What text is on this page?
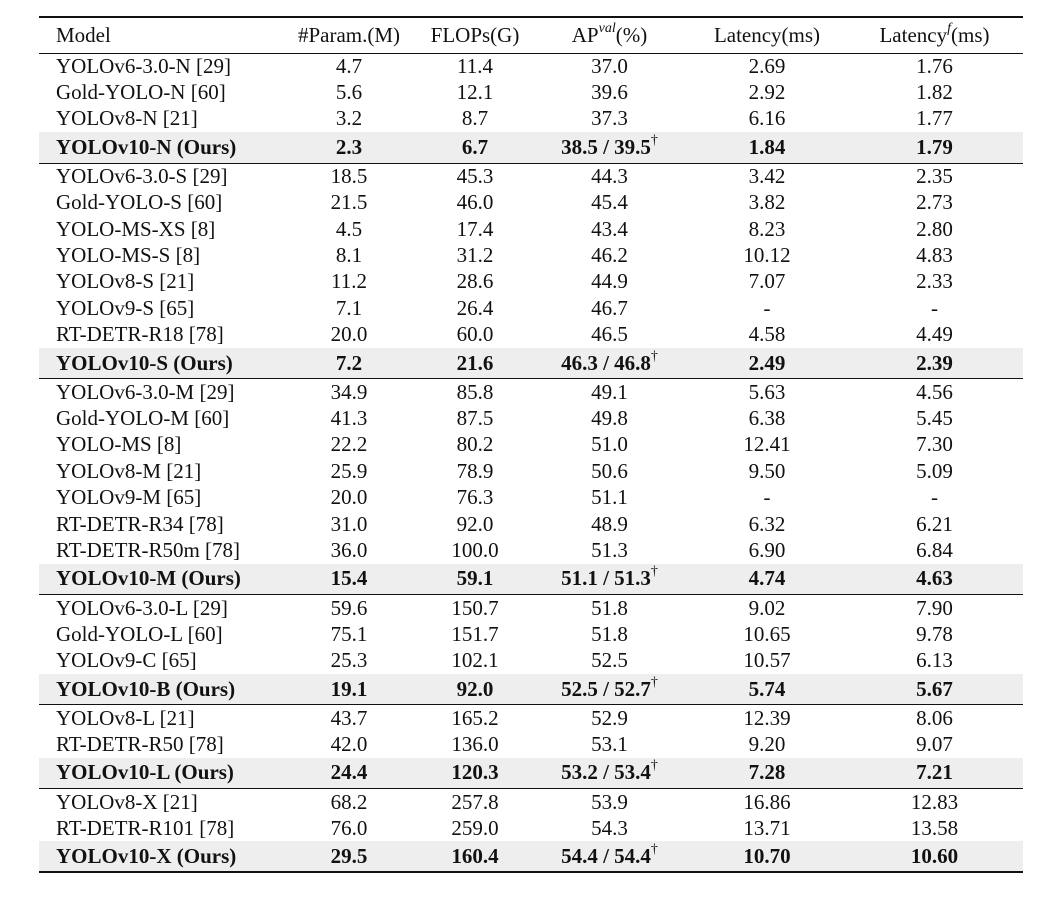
Model	#Param.(M)	FLOPs(G)	$AP^{val}(\%)$	Latency(ms)	Latency$^f$(ms)
YOLOv6-3.0-N [29]	4.7	11.4	37.0	2.69	1.76
Gold-YOLO-N [60]	5.6	12.1	39.6	2.92	1.82
YOLOv8-N [21]	3.2	8.7	37.3	6.16	1.77
YOLOv10-N (Ours)	2.3	6.7	38.5 / 39.5†	1.84	1.79
YOLOv6-3.0-S [29]	18.5	45.3	44.3	3.42	2.35
Gold-YOLO-S [60]	21.5	46.0	45.4	3.82	2.73
YOLO-MS-XS [8]	4.5	17.4	43.4	8.23	2.80
YOLO-MS-S [8]	8.1	31.2	46.2	10.12	4.83
YOLOv8-S [21]	11.2	28.6	44.9	7.07	2.33
YOLOv9-S [65]	7.1	26.4	46.7	-	-
RT-DETR-R18 [78]	20.0	60.0	46.5	4.58	4.49
YOLOv10-S (Ours)	7.2	21.6	46.3 / 46.8†	2.49	2.39
YOLOv6-3.0-M [29]	34.9	85.8	49.1	5.63	4.56
Gold-YOLO-M [60]	41.3	87.5	49.8	6.38	5.45
YOLO-MS [8]	22.2	80.2	51.0	12.41	7.30
YOLOv8-M [21]	25.9	78.9	50.6	9.50	5.09
YOLOv9-M [65]	20.0	76.3	51.1	-	-
RT-DETR-R34 [78]	31.0	92.0	48.9	6.32	6.21
RT-DETR-R50m [78]	36.0	100.0	51.3	6.90	6.84
YOLOv10-M (Ours)	15.4	59.1	51.1 / 51.3†	4.74	4.63
YOLOv6-3.0-L [29]	59.6	150.7	51.8	9.02	7.90
Gold-YOLO-L [60]	75.1	151.7	51.8	10.65	9.78
YOLOv9-C [65]	25.3	102.1	52.5	10.57	6.13
YOLOv10-B (Ours)	19.1	92.0	52.5 / 52.7†	5.74	5.67
YOLOv8-L [21]	43.7	165.2	52.9	12.39	8.06
RT-DETR-R50 [78]	42.0	136.0	53.1	9.20	9.07
YOLOv10-L (Ours)	24.4	120.3	53.2 / 53.4†	7.28	7.21
YOLOv8-X [21]	68.2	257.8	53.9	16.86	12.83
RT-DETR-R101 [78]	76.0	259.0	54.3	13.71	13.58
YOLOv10-X (Ours)	29.5	160.4	54.4 / 54.4†	10.70	10.60
